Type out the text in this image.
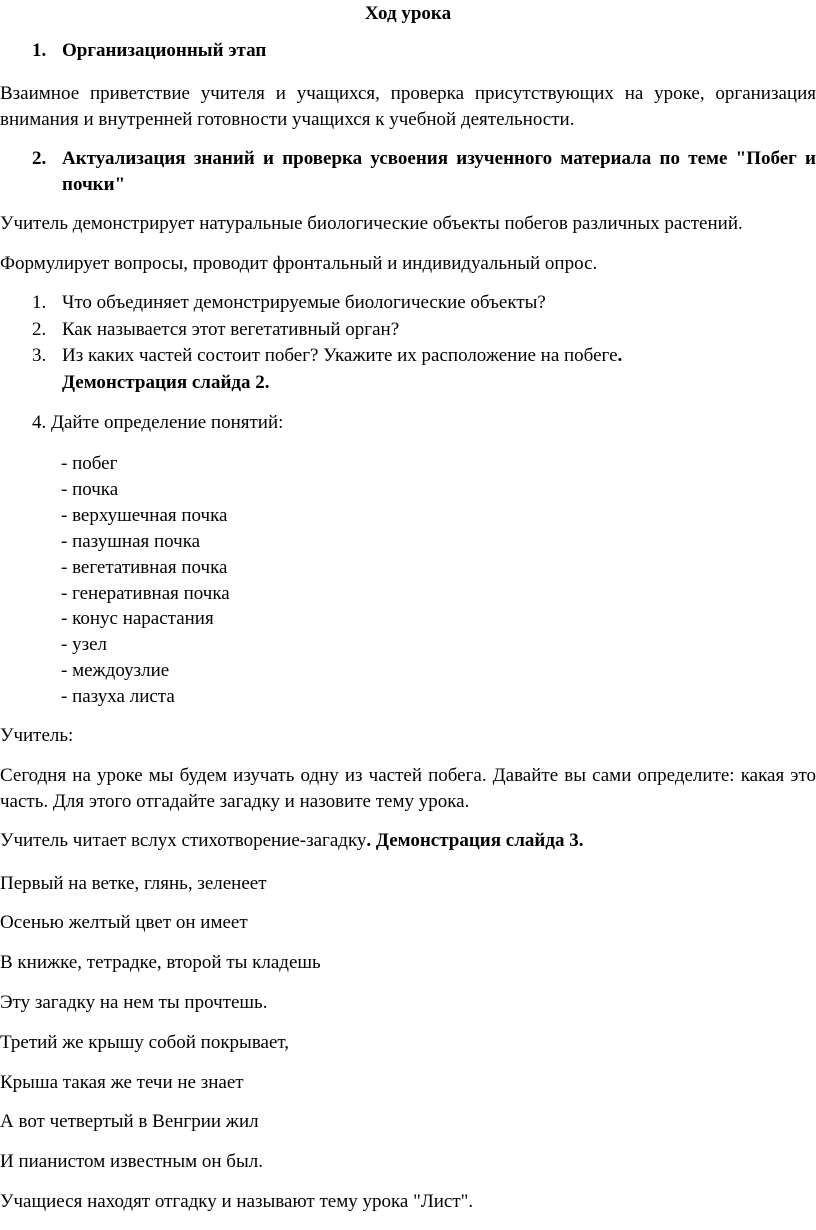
Ход урока
1. Организационный этап
Взаимное приветствие учителя и учащихся, проверка присутствующих на уроке, организация внимания и внутренней готовности учащихся к учебной деятельности.
2. Актуализация знаний и проверка усвоения изученного материала по теме "Побег и почки"
Учитель демонстрирует натуральные биологические объекты побегов различных растений.
Формулирует вопросы, проводит фронтальный и индивидуальный опрос.
1. Что объединяет демонстрируемые биологические объекты?
2. Как называется этот вегетативный орган?
3. Из каких частей состоит побег? Укажите их расположение на побеге.
Демонстрация слайда 2.
4. Дайте определение понятий:
- побег
- почка
- верхушечная почка
- пазушная почка
- вегетативная почка
- генеративная почка
- конус нарастания
- узел
- междоузлие
- пазуха листа
Учитель:
Сегодня на уроке мы будем изучать одну из частей побега. Давайте вы сами определите: какая это часть. Для этого отгадайте загадку и назовите тему урока.
Учитель читает вслух стихотворение-загадку. Демонстрация слайда 3.
Первый на ветке, глянь, зеленеет
Осенью желтый цвет он имеет
В книжке, тетрадке, второй ты кладешь
Эту загадку на нем ты прочтешь.
Третий же крышу собой покрывает,
Крыша такая же течи не знает
А вот четвертый в Венгрии жил
И пианистом известным он был.
Учащиеся находят отгадку и называют тему урока "Лист".
